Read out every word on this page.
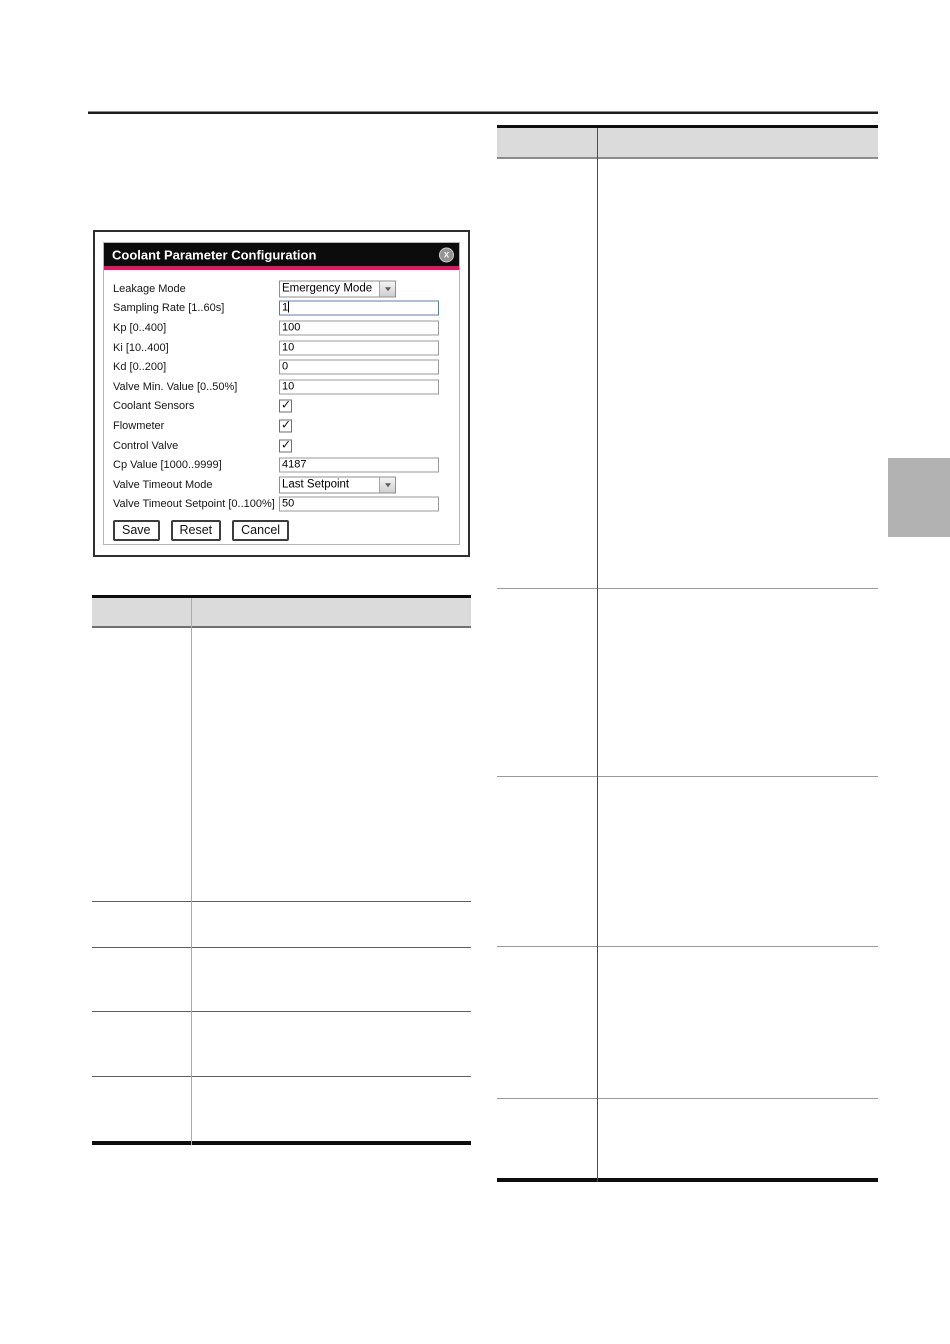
Coolant Parameter Configuration	x
Leakage Mode	Emergency Mode
Sampling Rate [1..60s]	1
Kp [0..400]	100
Ki [10..400]	10
Kd [0..200]	0
Valve Min. Value [0..50%]	10
Coolant Sensors	✓
Flowmeter	✓
Control Valve	✓
Cp Value [1000..9999]	4187
Valve Timeout Mode	Last Setpoint
Valve Timeout Setpoint [0..100%] 50
Save	Reset	Cancel
